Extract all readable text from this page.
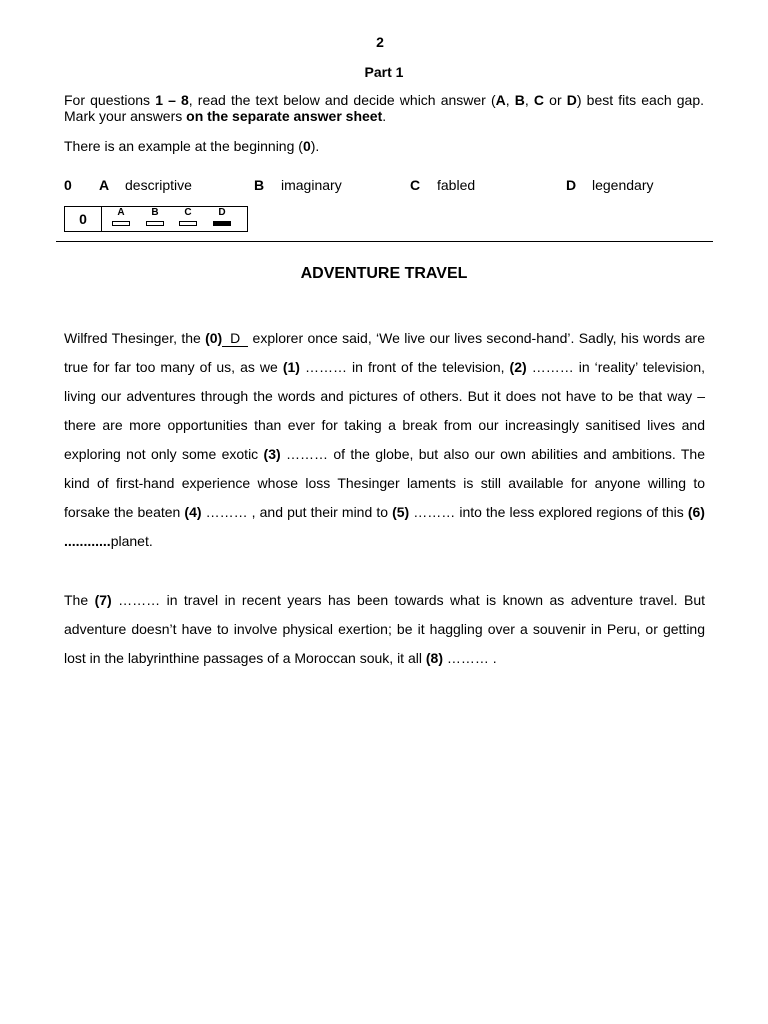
2
Part 1
For questions 1 – 8, read the text below and decide which answer (A, B, C or D) best fits each gap. Mark your answers on the separate answer sheet.
There is an example at the beginning (0).
0 A descriptive	B imaginary	C fabled	D legendary
0	A	B	C	D
ADVENTURE TRAVEL
Wilfred Thesinger, the (0) D explorer once said, ‘We live our lives second-hand’. Sadly, his words are true for far too many of us, as we (1) ……… in front of the television, (2) ……… in ‘reality’ television, living our adventures through the words and pictures of others. But it does not have to be that way – there are more opportunities than ever for taking a break from our increasingly sanitised lives and exploring not only some exotic (3) ……… of the globe, but also our own abilities and ambitions. The kind of first-hand experience whose loss Thesinger laments is still available for anyone willing to forsake the beaten (4) ……… , and put their mind to (5) ……… into the less explored regions of this (6) ............planet.
The (7) ……… in travel in recent years has been towards what is known as adventure travel. But adventure doesn’t have to involve physical exertion; be it haggling over a souvenir in Peru, or getting lost in the labyrinthine passages of a Moroccan souk, it all (8) ……… .
